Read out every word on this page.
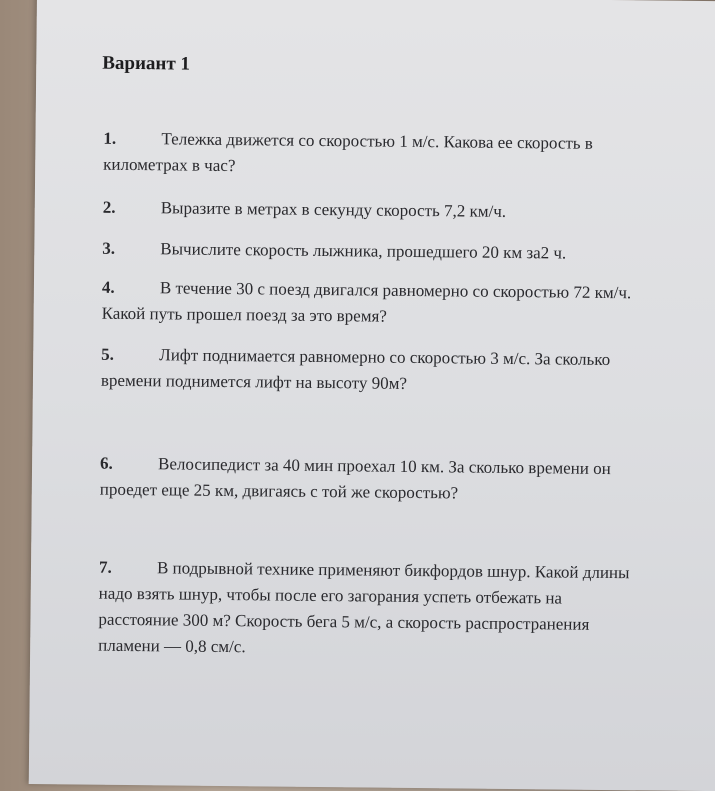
Вариант 1

1.	Тележка движется со скоростью 1 м/с. Какова ее скорость в километрах в час?

2.	Выразите в метрах в секунду скорость 7,2 км/ч.

3.	Вычислите скорость лыжника, прошедшего 20 км за2 ч.

4.	В течение 30 с поезд двигался равномерно со скоростью 72 км/ч. Какой путь прошел поезд за это время?

5.	Лифт поднимается равномерно со скоростью 3 м/с. За сколько времени поднимется лифт на высоту 90м?

6.	Велосипедист за 40 мин проехал 10 км. За сколько времени он проедет еще 25 км, двигаясь с той же скоростью?

7.	В подрывной технике применяют бикфордов шнур. Какой длины надо взять шнур, чтобы после его загорания успеть отбежать на расстояние 300 м? Скорость бега 5 м/с, а скорость распространения пламени — 0,8 см/с.
